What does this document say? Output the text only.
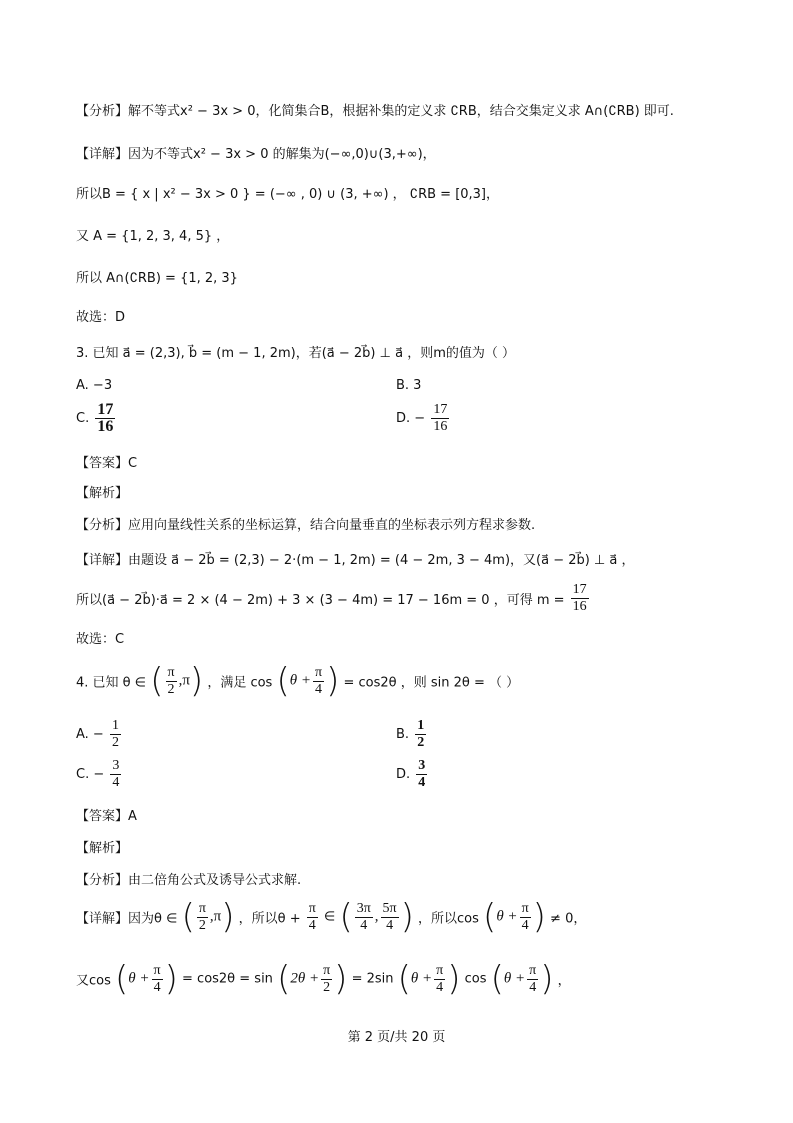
【分析】解不等式x² − 3x > 0，化简集合B，根据补集的定义求 ∁RB，结合交集定义求 A∩(∁RB) 即可.
【详解】因为不等式x² − 3x > 0 的解集为(−∞,0)∪(3,+∞)，
所以B = { x | x² − 3x > 0 } = (−∞ , 0) ∪ (3, +∞) ， ∁RB = [0,3]，
又 A = {1, 2, 3, 4, 5} ，
所以 A∩(∁RB) = {1, 2, 3}
故选：D
3. 已知 a⃗ = (2,3), b⃗ = (m − 1, 2m)，若(a⃗ − 2b⃗) ⊥ a⃗ ，则m的值为（ ）
A. −3	B. 3
C. $\frac{17}{16}$	D. − $\frac{17}{16}$
【答案】C
【解析】
【分析】应用向量线性关系的坐标运算，结合向量垂直的坐标表示列方程求参数.
【详解】由题设 a⃗ − 2b⃗ = (2,3) − 2·(m − 1, 2m) = (4 − 2m, 3 − 4m)，又(a⃗ − 2b⃗) ⊥ a⃗ ，
所以(a⃗ − 2b⃗)·a⃗ = 2 × (4 − 2m) + 3 × (3 − 4m) = 17 − 16m = 0 ，可得 $m = \frac{17}{16}$
故选：C
4. 已知 θ ∈ ( $\frac{\pi}{2} ,\pi$) ，满足 $\cos (\theta + \frac{\pi}{4}$ ) = cos2θ ，则 sin 2θ = （ ）
A. − $\frac{1}{2}$	B. $\frac{1}{2}$
C. − $\frac{3}{4}$	D. $\frac{3}{4}$
【答案】A
【解析】
【分析】由二倍角公式及诱导公式求解.
【详解】因为θ ∈ ( $\frac{\pi}{2} ,\pi$) ，所以$\theta + \frac{\pi}{4}$ ∈ ( $\frac{3\pi}{4}$ , $\frac{5\pi}{4}$ ) ，所以$\cos (\theta + \frac{\pi}{4}$ ) ≠ 0，
又$\cos (\theta + \frac{\pi}{4}$ ) = $\cos 2\theta = \sin (2\theta + \frac{\pi}{2}$ ) = 2sin ($\theta + \frac{\pi}{4}$ ) $\cos (\theta + \frac{\pi}{4}$ ) ，
第 2 页/共 20 页
